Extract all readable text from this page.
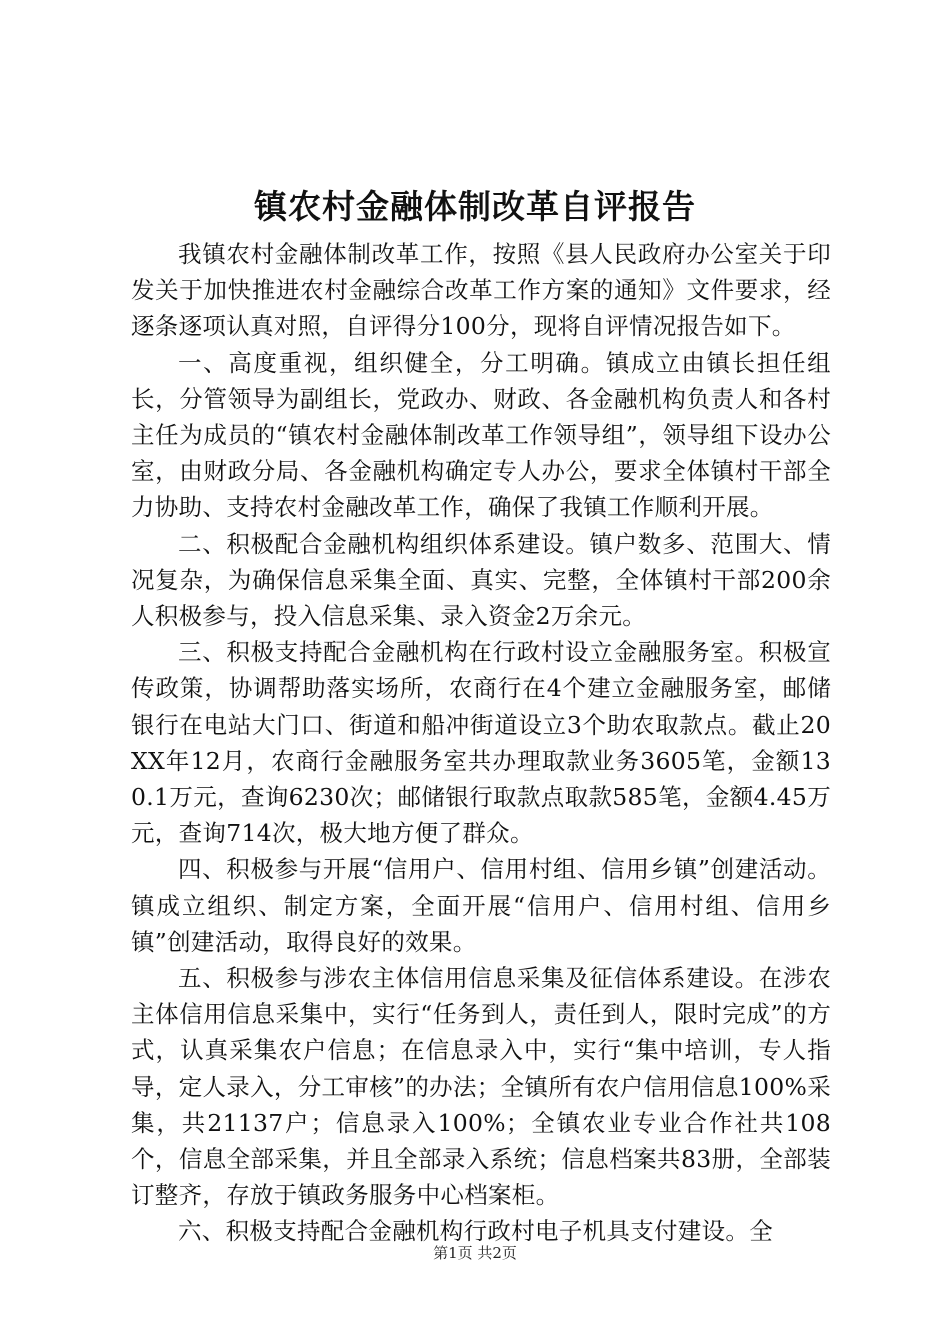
镇农村金融体制改革自评报告

我镇农村金融体制改革工作，按照《县人民政府办公室关于印发关于加快推进农村金融综合改革工作方案的通知》文件要求，经逐条逐项认真对照，自评得分100分，现将自评情况报告如下。

一、高度重视，组织健全，分工明确。镇成立由镇长担任组长，分管领导为副组长，党政办、财政、各金融机构负责人和各村主任为成员的“镇农村金融体制改革工作领导组”，领导组下设办公室，由财政分局、各金融机构确定专人办公，要求全体镇村干部全力协助、支持农村金融改革工作，确保了我镇工作顺利开展。

二、积极配合金融机构组织体系建设。镇户数多、范围大、情况复杂，为确保信息采集全面、真实、完整，全体镇村干部200余人积极参与，投入信息采集、录入资金2万余元。

三、积极支持配合金融机构在行政村设立金融服务室。积极宣传政策，协调帮助落实场所，农商行在4个建立金融服务室，邮储银行在电站大门口、街道和船冲街道设立3个助农取款点。截止20XX年12月，农商行金融服务室共办理取款业务3605笔，金额130.1万元，查询6230次；邮储银行取款点取款585笔，金额4.45万元，查询714次，极大地方便了群众。

四、积极参与开展“信用户、信用村组、信用乡镇”创建活动。镇成立组织、制定方案，全面开展“信用户、信用村组、信用乡镇”创建活动，取得良好的效果。

五、积极参与涉农主体信用信息采集及征信体系建设。在涉农主体信用信息采集中，实行“任务到人，责任到人，限时完成”的方式，认真采集农户信息；在信息录入中，实行“集中培训，专人指导，定人录入，分工审核”的办法；全镇所有农户信用信息100%采集，共21137户；信息录入100%；全镇农业专业合作社共108个，信息全部采集，并且全部录入系统；信息档案共83册，全部装订整齐，存放于镇政务服务中心档案柜。

六、积极支持配合金融机构行政村电子机具支付建设。全

第1页 共2页
